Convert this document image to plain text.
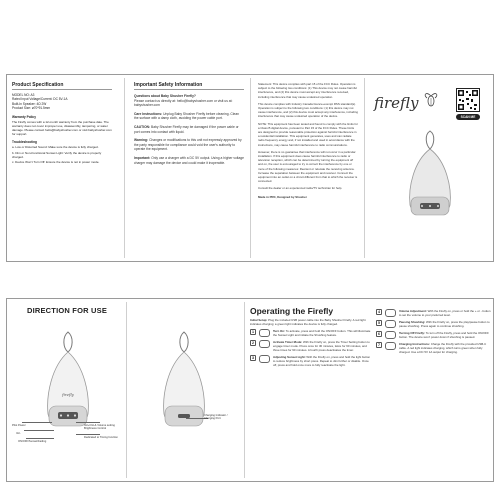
Product Specification
MODEL NO: A3
Rated Input Voltage/Current: DC 5V-1A
Built-In Speaker: 4Ω 2W
Product Size: ø70*91.5mm
Warranty Policy

The Firefly comes with a 12-month warranty from the purchase date. The warranty does not cover improper use, disassembly, tampering, or water damage. Please contact hello@babyshusher.com or visit babyshusher.com for support.

Troubleshooting

a. Low or Distorted Sound: Make sure the device is fully charged.

b. Dim or Non-Functional Sunset Light: Verify the device is properly charged.

c. Device Won't Turn Off: Ensure the device is not in power mode.

Important Safety Information
Questions about Baby Shusher Firefly?
Please contact us directly at: hello@babyshusher.com or visit us at: babyshusher.com
Care Instructions: Unplug Baby Shusher Firefly before cleaning. Clean the surface with a damp cloth, avoiding the power cable port.
CAUTION: Baby Shusher Firefly may be damaged if the power cable or port comes into contact with liquid.
Warning: Changes or modifications to this unit not expressly approved by the party responsible for compliance could void the user's authority to operate the equipment.
Important: Only use a charger with a DC 5V output. Using a higher voltage charger may damage the device and could make it inoperable.

Statement: This device complies with part 15 of the FCC Rules. Operation is subject to the following two conditions: (1) This device may not cause harmful interference, and (2) this device must accept any interference received, including interference that may cause undesired operation.

This device complies with Industry Canada licence-exempt RSS standard(s). Operation is subject to the following two conditions: (1) this device may not cause interference, and (2) this device must accept any interference, including interference that may cause undesired operation of the device.

NOTE: This equipment has been tested and found to comply with the limits for a Class B digital device, pursuant to Part 15 of the FCC Rules. These limits are designed to provide reasonable protection against harmful interference in a residential installation. This equipment generates, uses and can radiate radio frequency energy and, if not installed and used in accordance with the instructions, may cause harmful interference to radio communications.

However, there is no guarantee that interference will not occur in a particular installation. If this equipment does cause harmful interference to radio or television reception, which can be determined by turning the equipment off and on, the user is encouraged to try to correct the interference by one or more of the following measures: Reorient or relocate the receiving antenna. Increase the separation between the equipment and receiver. Connect the equipment into an outlet on a circuit different from that to which the receiver is connected.

Consult the dealer or an experienced radio/TV technician for help.

Made in PRC, Designed by Shusher

firefly
SCAN ME
DIRECTION FOR USE
firefly
Pilot Power
Vol-
ON/OFF/Sunset/Fading
Vol+/Vol-& Volume setting Brightness Control
Dedicated to Timing function
Charging Indicator / Charging Port
Operating the Firefly
Initial Setup: Plug the included USB power cable into the Baby Shusher Firefly. A red light indicates charging; a green light indicates the device is fully charged.
1	Turn On: To activate, press and hold the ON/OFF button. This will illuminate the Sunset Light and initiate the Shushing feature.
2	Activate Timer Mode: With the Firefly on, press the Timer Setting button to engage timer mode. Press once for 30 minutes, twice for 60 minutes, and three times for 90 minutes. A fourth press deactivates the timer.
3	Adjusting Sunset Light: With the Firefly on, press and hold the light button to reduce brightness by short press. Repeat to dim further or disable. Once off, press and hold once more to fully reactivate the light.
4	Volume Adjustment: With the Firefly on, press or hold the + or - button to set the volume to your preferred level.
5	Pausing Shushing: With the Firefly on, press the play/pause button to pause shushing. Press again to continue shushing.
6	Turning Off Firefly: To turn off the Firefly, press and hold the ON/OFF button. The device won't power down if shushing is paused.
7	Charging Instructions: Charge the Firefly with the provided USB-C cable. A red light indicates charging, which turns green when fully charged. Use a DC 5V 1A output for charging.
